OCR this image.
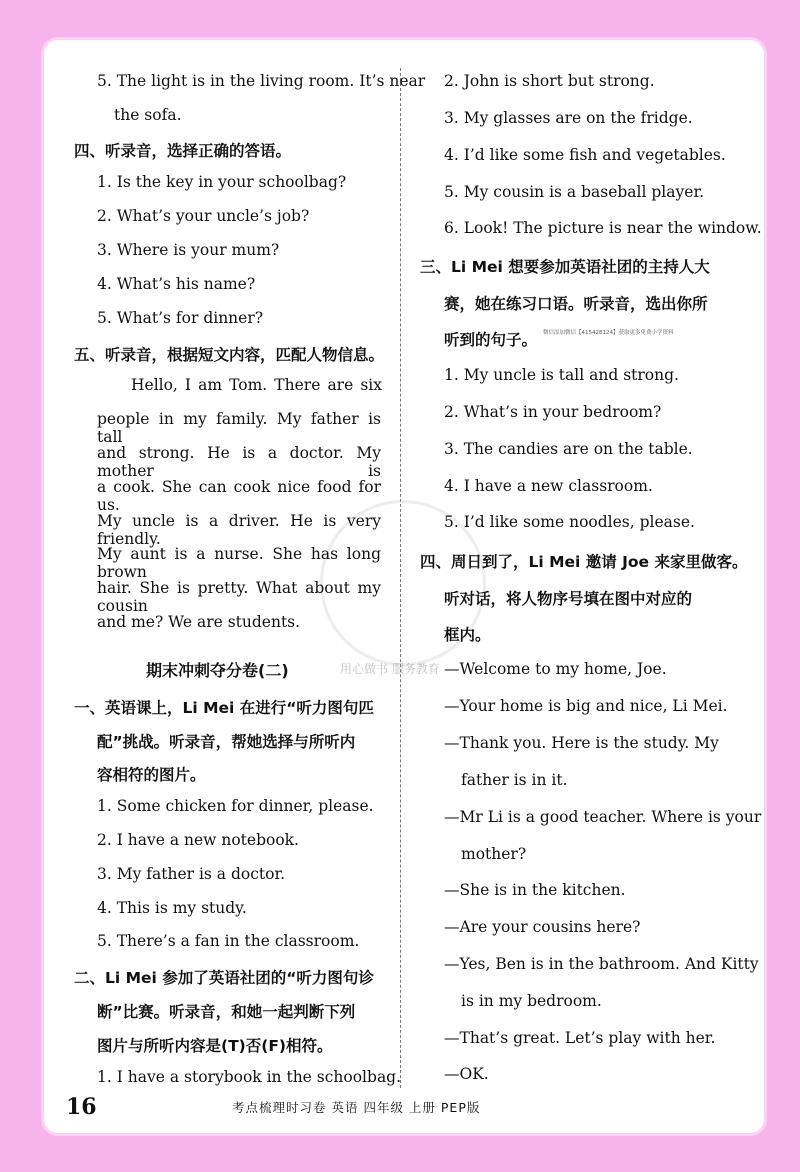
用心做书 服务教育
5. The light is in the living room. It’s near
the sofa.
四、听录音，选择正确的答语。
1. Is the key in your schoolbag?
2. What’s your uncle’s job?
3. Where is your mum?
4. What’s his name?
5. What’s for dinner?
五、听录音，根据短文内容，匹配人物信息。
Hello, I am Tom. There are six
people in my family. My father is tall
and strong. He is a doctor. My mother is
a cook. She can cook nice food for us.
My uncle is a driver. He is very friendly.
My aunt is a nurse. She has long brown
hair. She is pretty. What about my cousin
and me? We are students.
期末冲刺夺分卷(二)
一、英语课上，Li Mei 在进行“听力图句匹
配”挑战。听录音，帮她选择与所听内
容相符的图片。
1. Some chicken for dinner, please.
2. I have a new notebook.
3. My father is a doctor.
4. This is my study.
5. There’s a fan in the classroom.
二、Li Mei 参加了英语社团的“听力图句诊
断”比赛。听录音，和她一起判断下列
图片与所听内容是(T)否(F)相符。
1. I have a storybook in the schoolbag.
2. John is short but strong.
3. My glasses are on the fridge.
4. I’d like some fish and vegetables.
5. My cousin is a baseball player.
6. Look! The picture is near the window.
三、Li Mei 想要参加英语社团的主持人大
赛，她在练习口语。听录音，选出你所
听到的句子。 微信添加微信【415428124】获取更多免费小学资料
1. My uncle is tall and strong.
2. What’s in your bedroom?
3. The candies are on the table.
4. I have a new classroom.
5. I’d like some noodles, please.
四、周日到了，Li Mei 邀请 Joe 来家里做客。
听对话，将人物序号填在图中对应的
框内。
—Welcome to my home, Joe.
—Your home is big and nice, Li Mei.
—Thank you. Here is the study. My
father is in it.
—Mr Li is a good teacher. Where is your
mother?
—She is in the kitchen.
—Are your cousins here?
—Yes, Ben is in the bathroom. And Kitty
is in my bedroom.
—That’s great. Let’s play with her.
—OK.
16	考点梳理时习卷 英语 四年级 上册 PEP版
